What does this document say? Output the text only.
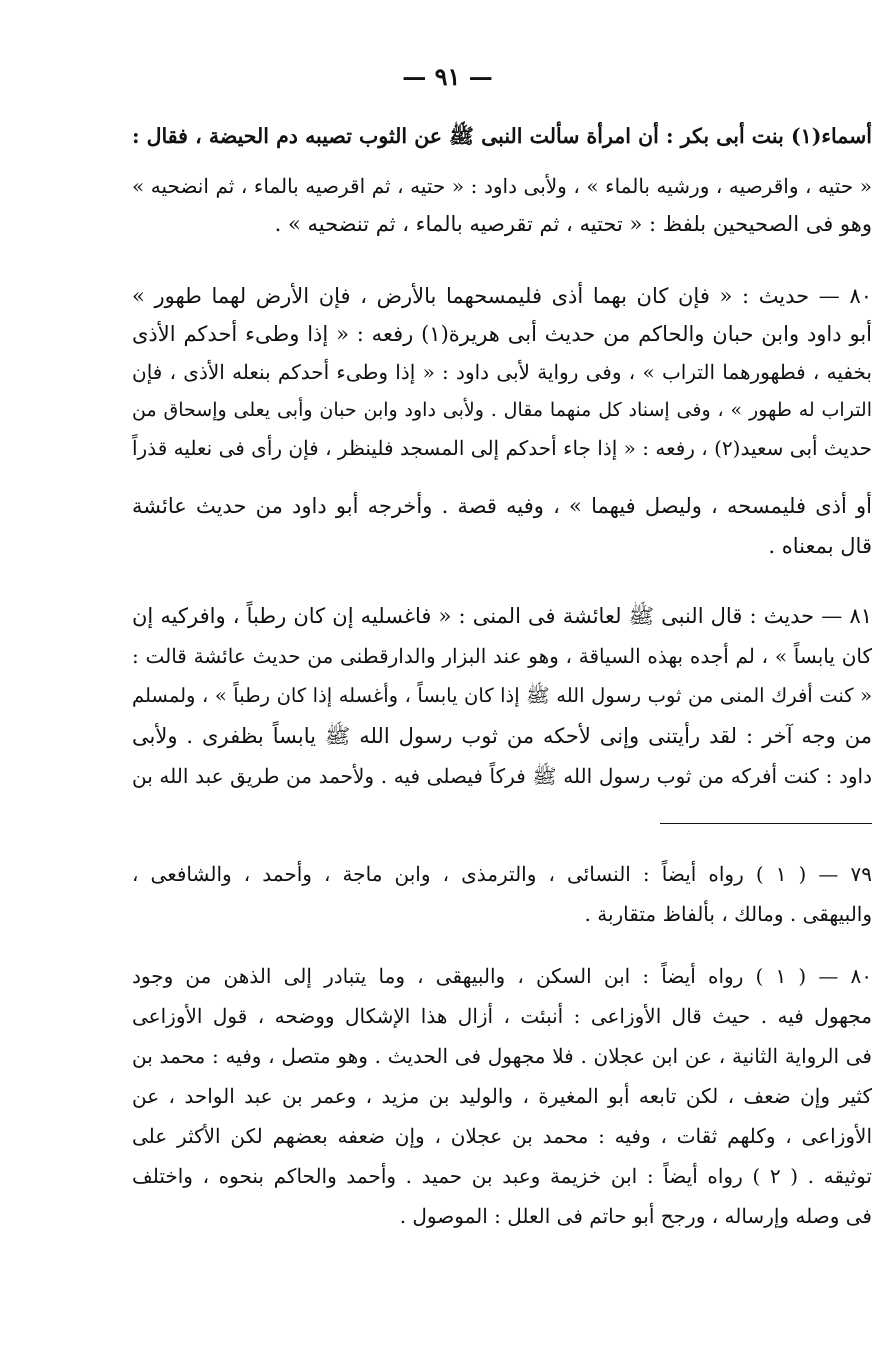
— ٩١ —
أسماء(١) بنت أبى بكر : أن امرأة سألت النبى ﷺ عن الثوب تصيبه دم الحيضة ، فقال :
« حتيه ، واقرصيه ، ورشيه بالماء » ، ولأبى داود : « حتيه ، ثم اقرصيه بالماء ، ثم انضحيه »
وهو فى الصحيحين بلفظ : « تحتيه ، ثم تقرصيه بالماء ، ثم تنضحيه » .
٨٠ — حديث : « فإن كان بهما أذى فليمسحهما بالأرض ، فإن الأرض لهما طهور »
أبو داود وابن حبان والحاكم من حديث أبى هريرة(١) رفعه : « إذا وطىء أحدكم الأذى
بخفيه ، فطهورهما التراب » ، وفى رواية لأبى داود : « إذا وطىء أحدكم بنعله الأذى ، فإن
التراب له طهور » ، وفى إسناد كل منهما مقال . ولأبى داود وابن حبان وأبى يعلى وإسحاق من
حديث أبى سعيد(٢) ، رفعه : « إذا جاء أحدكم إلى المسجد فلينظر ، فإن رأى فى نعليه قذراً
أو أذى فليمسحه ، وليصل فيهما » ، وفيه قصة . وأخرجه أبو داود من حديث عائشة
قال بمعناه .
٨١ — حديث : قال النبى ﷺ لعائشة فى المنى : « فاغسليه إن كان رطباً ، وافركيه إن
كان يابساً » ، لم أجده بهذه السياقة ، وهو عند البزار والدارقطنى من حديث عائشة قالت :
« كنت أفرك المنى من ثوب رسول الله ﷺ إذا كان يابساً ، وأغسله إذا كان رطباً » ، ولمسلم
من وجه آخر : لقد رأيتنى وإنى لأحكه من ثوب رسول الله ﷺ يابساً بظفرى . ولأبى
داود : كنت أفركه من ثوب رسول الله ﷺ فركاً فيصلى فيه . ولأحمد من طريق عبد الله بن
٧٩ — ( ١ ) رواه أيضاً : النسائى ، والترمذى ، وابن ماجة ، وأحمد ، والشافعى ،
والبيهقى . ومالك ، بألفاظ متقاربة .
٨٠ — ( ١ ) رواه أيضاً : ابن السكن ، والبيهقى ، وما يتبادر إلى الذهن من وجود
مجهول فيه . حيث قال الأوزاعى : أنبئت ، أزال هذا الإشكال ووضحه ، قول الأوزاعى
فى الرواية الثانية ، عن ابن عجلان . فلا مجهول فى الحديث . وهو متصل ، وفيه : محمد بن
كثير وإن ضعف ، لكن تابعه أبو المغيرة ، والوليد بن مزيد ، وعمر بن عبد الواحد ، عن
الأوزاعى ، وكلهم ثقات ، وفيه : محمد بن عجلان ، وإن ضعفه بعضهم لكن الأكثر على
توثيقه . ( ٢ ) رواه أيضاً : ابن خزيمة وعبد بن حميد . وأحمد والحاكم بنحوه ، واختلف
فى وصله وإرساله ، ورجح أبو حاتم فى العلل : الموصول .
